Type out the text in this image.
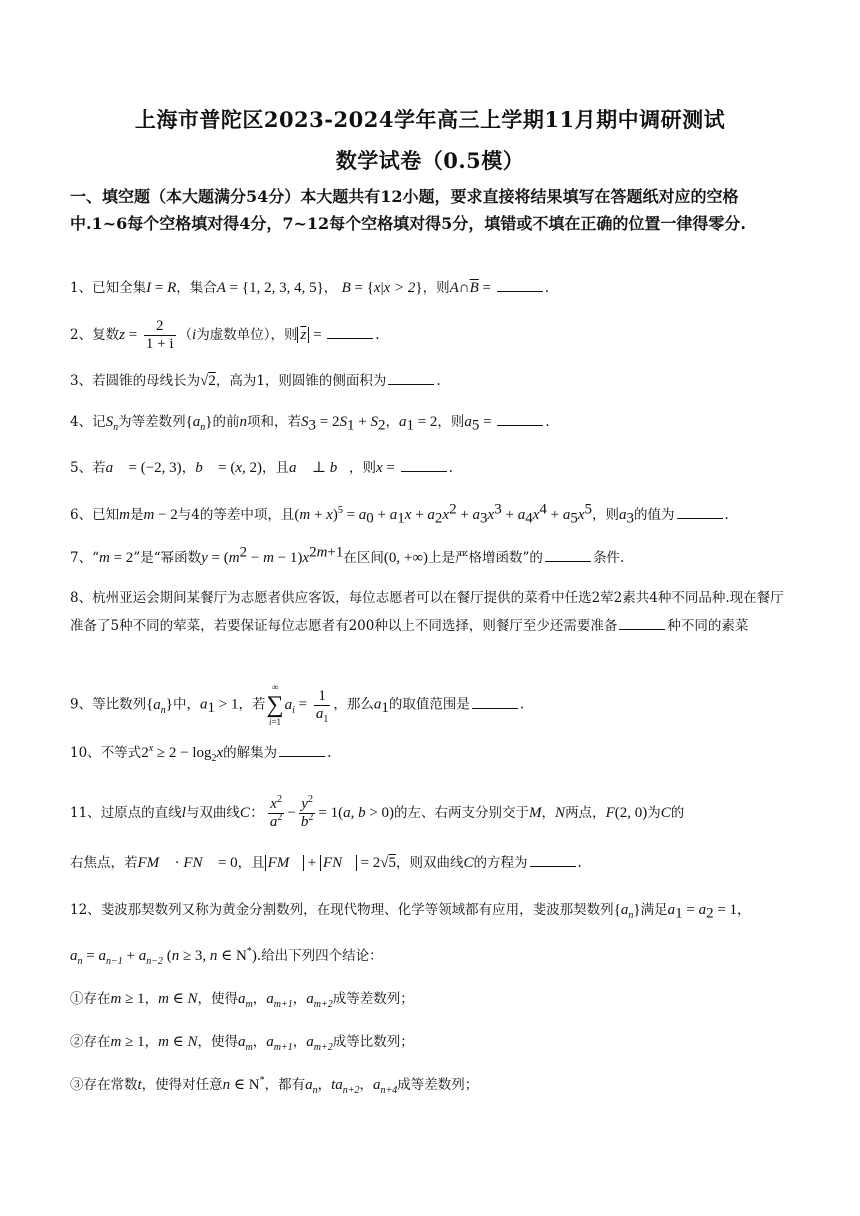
上海市普陀区2023-2024学年高三上学期11月期中调研测试
数学试卷（0.5模）
一、填空题（本大题满分54分）本大题共有12小题，要求直接将结果填写在答题纸对应的空格中.1~6每个空格填对得4分，7~12每个空格填对得5分，填错或不填在正确的位置一律得零分.
1、已知全集I = R，集合A = {1, 2, 3, 4, 5}， B = {x|x > 2}，则$A\cap\overline{B}$ =	.
2、复数$z = \frac{2}{1 + i} (i$为虚数单位），则 $\overline{z}$ =	.
3、若圆锥的母线长为√2，高为1，则圆锥的侧面积为	.
4、记$S_n$为等差数列$\{a_n\}$的前n项和，若$S_3 = 2S_1 + S_2$，$a_1 = 2$，则$a_5$ =	.
5、若a⃗ = (−2, 3)，b⃗ = (x, 2)，且a⃗ ⊥ b⃗，则x =	.
6、已知m是m − 2与4的等差中项，且$(m + x)^5 = a_0 + a_1x + a_2x^2 + a_3x^3 + a_4x^4 + a_5x^5$，则$a_3$的值为	.
7、“m = 2”是“幂函数$y = (m^2 - m - 1)x^{2m+1}$在区间(0, +∞)上是严格增函数”的	条件.
8、杭州亚运会期间某餐厅为志愿者供应客饭，每位志愿者可以在餐厅提供的菜肴中任选2荤2素共4种不同品种.现在餐厅准备了5种不同的荤菜，若要保证每位志愿者有200种以上不同选择，则餐厅至少还需要准备	种不同的素菜
9、等比数列$\{a_n\}$中，$a_1 > 1$，若
∞
∑
i=1
$a_i = \frac{1}{a_1}$ ，那么$a_1$的取值范围是	.
10、不等式$2^x \ge 2 - \log_2x$的解集为	.
11、过原点的直线l与双曲线C： $\frac{x^2}{a^2} - \frac{y^2}{b^2} = 1(a$, b > 0)的左、右两支分别交于M，N两点，F(2, 0)为C的
右焦点，若FM⃗ · FN⃗ = 0，且 FM⃗ + FN⃗ = 2√5，则双曲线C的方程为	.
12、斐波那契数列又称为黄金分割数列，在现代物理、化学等领域都有应用，斐波那契数列$\{a_n\}$满足$a_1 = a_2 = 1$，
$a_n = a_{n-1} + a_{n-2}$ (n ≥ 3, n ∈ N*).给出下列四个结论：
①存在m ≥ 1，m ∈ N，使得$a_m$，$a_{m+1}$，$a_{m+2}$成等差数列；
②存在m ≥ 1，m ∈ N，使得$a_m$，$a_{m+1}$，$a_{m+2}$成等比数列；
③存在常数t，使得对任意n ∈ N*，都有$a_n$，$ta_{n+2}$，$a_{n+4}$成等差数列；
